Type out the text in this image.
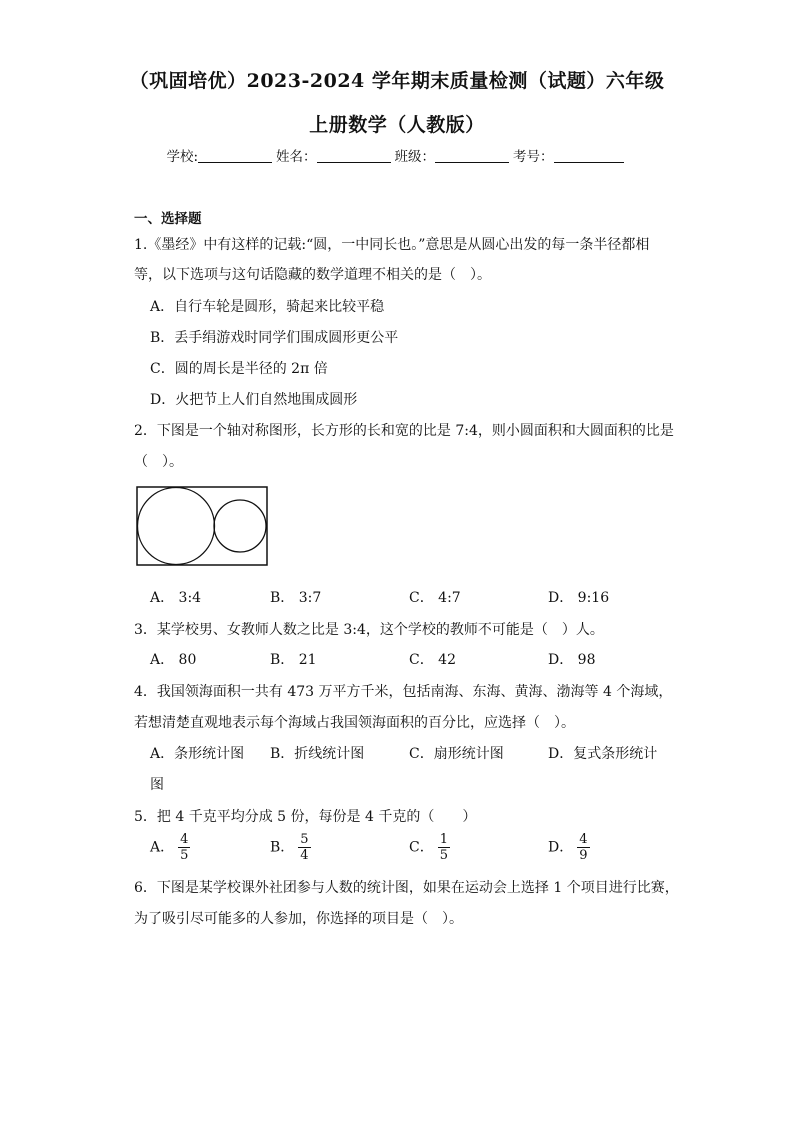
（巩固培优）2023-2024 学年期末质量检测（试题）六年级
上册数学（人教版）
学校:	姓名：	班级：	考号：
一、选择题
1.《墨经》中有这样的记载:“圆，一中同长也。”意思是从圆心出发的每一条半径都相
等，以下选项与这句话隐藏的数学道理不相关的是（　）。
A．自行车轮是圆形，骑起来比较平稳
B．丢手绢游戏时同学们围成圆形更公平
C．圆的周长是半径的 2π 倍
D．火把节上人们自然地围成圆形
2．下图是一个轴对称图形，长方形的长和宽的比是 7:4，则小圆面积和大圆面积的比是
（　）。
A． 3:4	B． 3:7	C． 4:7	D． 9:16
3．某学校男、女教师人数之比是 3:4，这个学校的教师不可能是（　）人。
A． 80	B． 21	C． 42	D． 98
4．我国领海面积一共有 473 万平方千米，包括南海、东海、黄海、渤海等 4 个海域，
若想清楚直观地表示每个海域占我国领海面积的百分比，应选择（　）。
A．条形统计图 B．折线统计图	C．扇形统计图	D．复式条形统计
图
5．把 4 千克平均分成 5 份，每份是 4 千克的（　　）
A． $\frac{4}{5}$	B． $\frac{5}{4}$	C． $\frac{1}{5}$	D． $\frac{4}{9}$
6．下图是某学校课外社团参与人数的统计图，如果在运动会上选择 1 个项目进行比赛，
为了吸引尽可能多的人参加，你选择的项目是（　）。
